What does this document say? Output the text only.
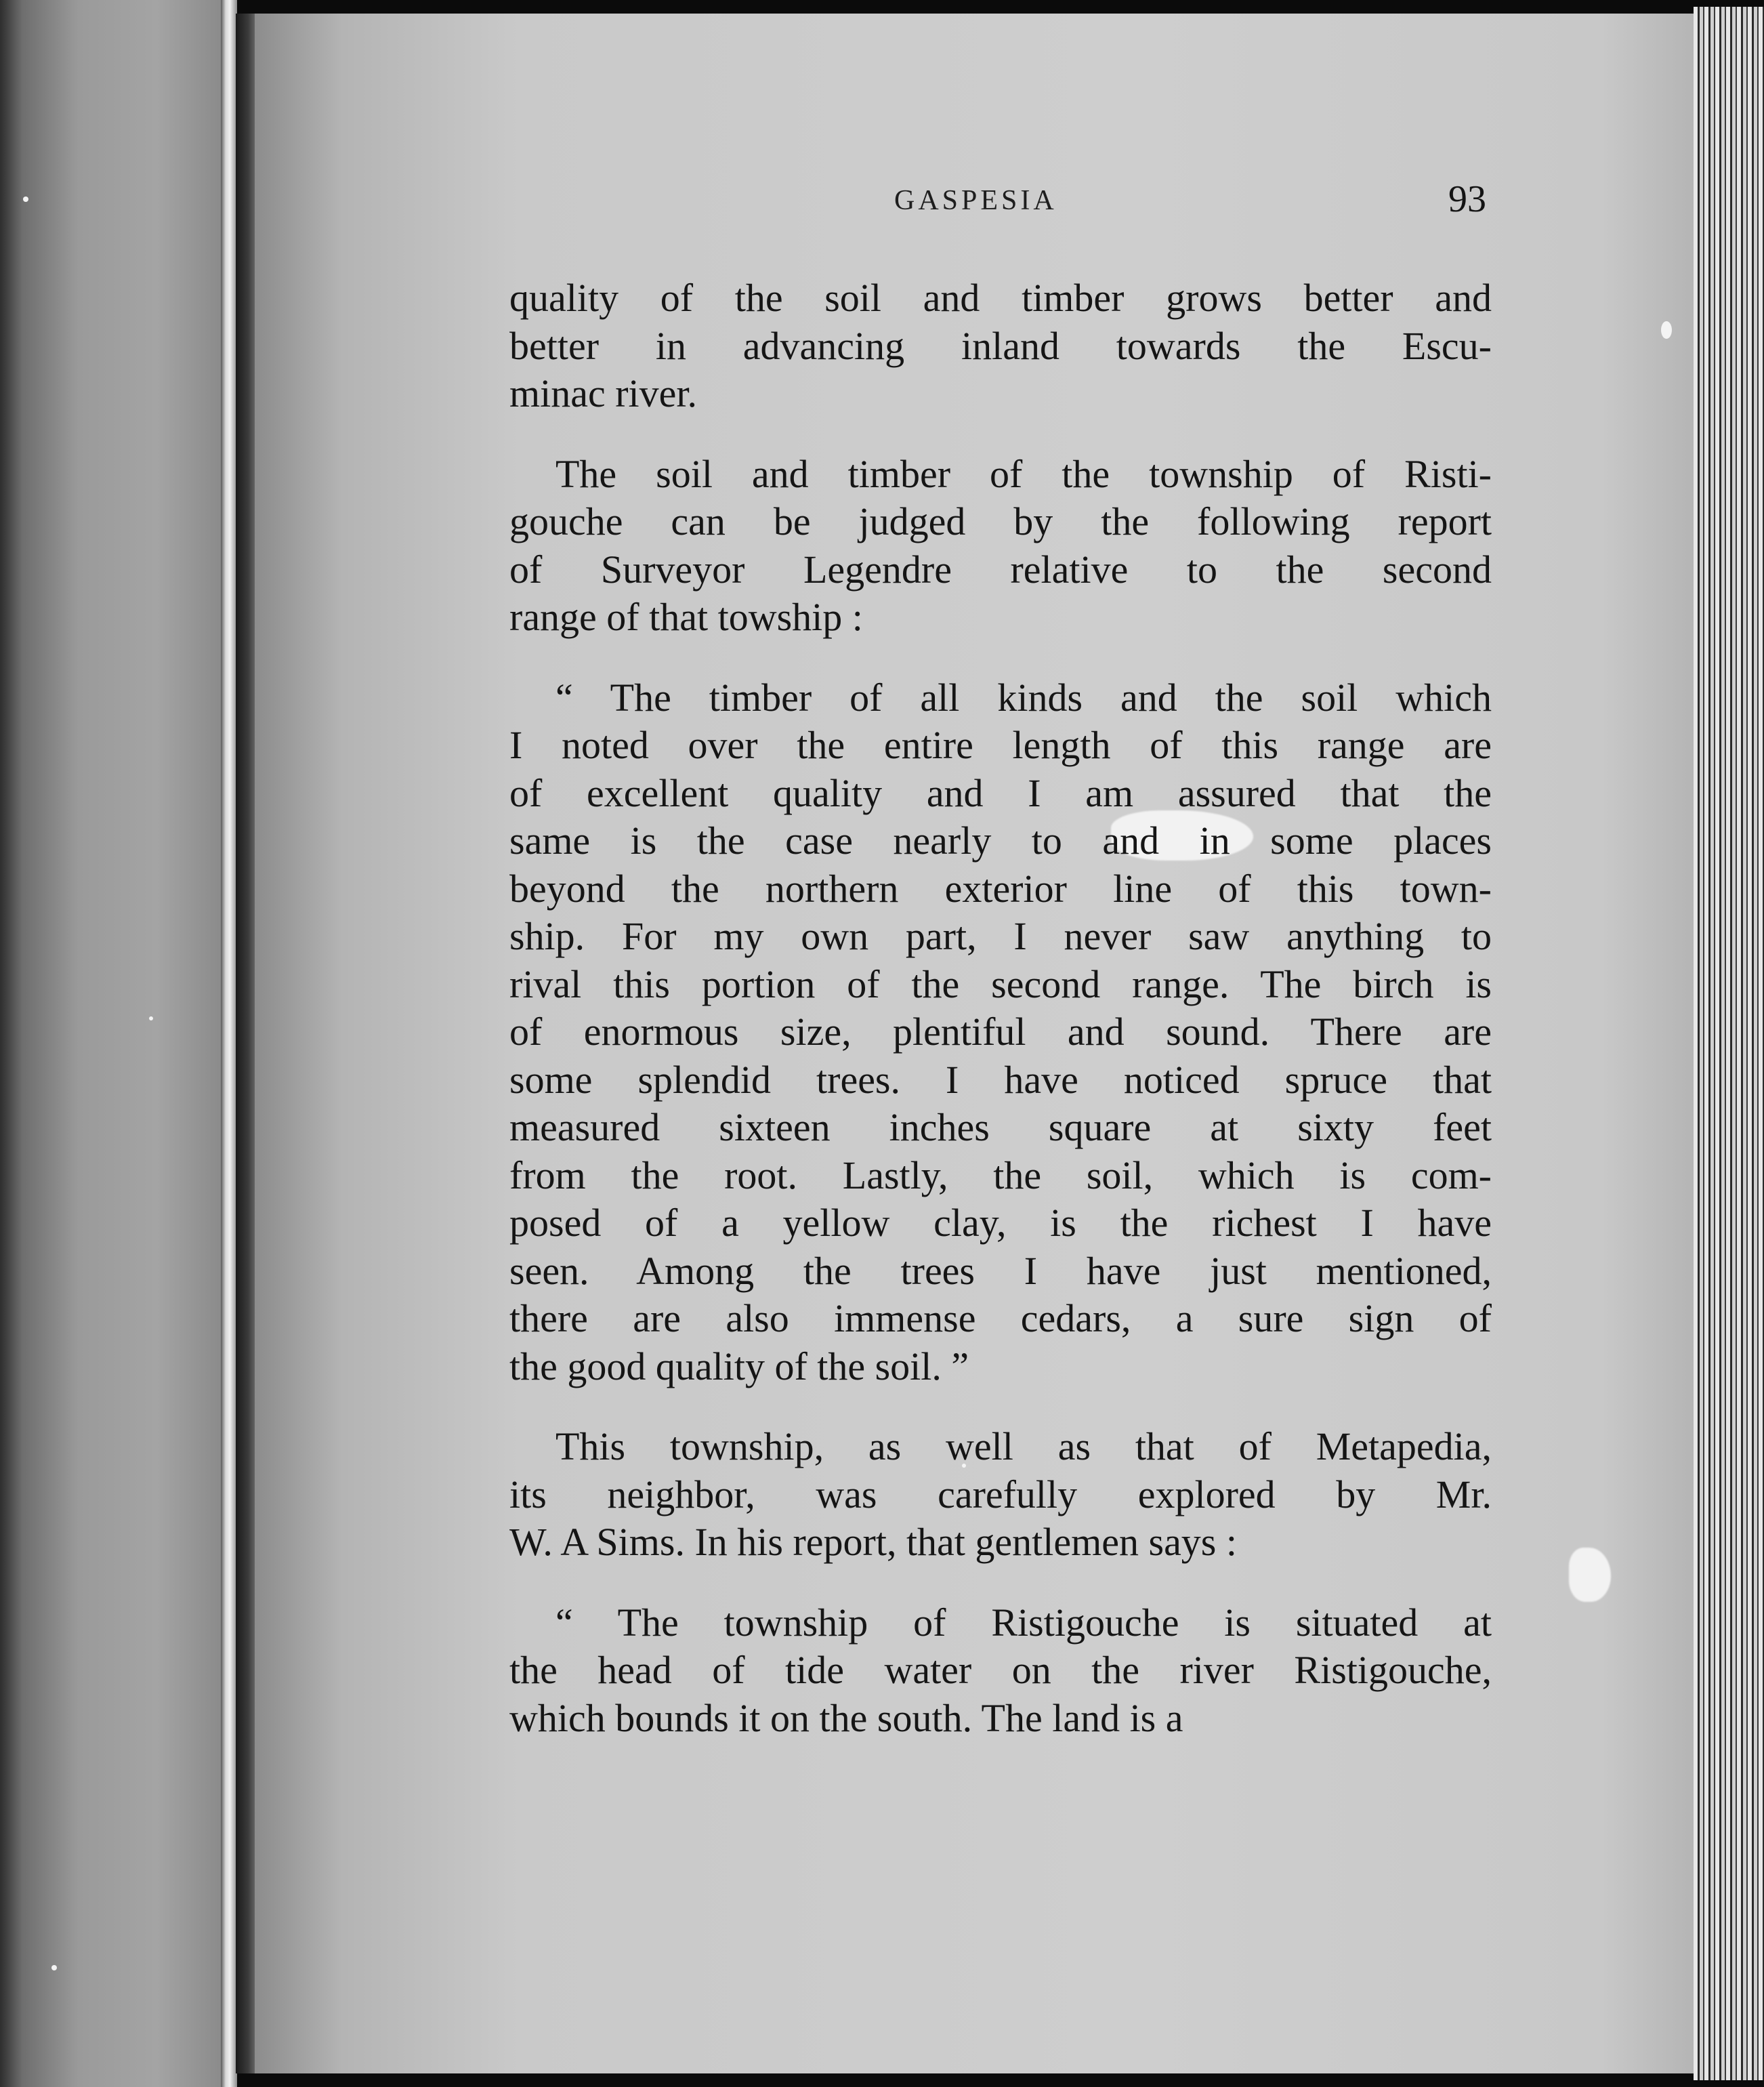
GASPESIA	93
quality of the soil and timber grows better and
better in advancing inland towards the Escu-
minac river.
The soil and timber of the township of Risti-
gouche can be judged by the following report
of Surveyor Legendre relative to the second
range of that towship :
“ The timber of all kinds and the soil which
I noted over the entire length of this range are
of excellent quality and I am assured that the
same is the case nearly to and in some places
beyond the northern exterior line of this town-
ship. For my own part, I never saw anything to
rival this portion of the second range. The birch is
of enormous size, plentiful and sound. There are
some splendid trees. I have noticed spruce that
measured sixteen inches square at sixty feet
from the root. Lastly, the soil, which is com-
posed of a yellow clay, is the richest I have
seen. Among the trees I have just mentioned,
there are also immense cedars, a sure sign of
the good quality of the soil. ”
This township, as well as that of Metapedia,
its neighbor, was carefully explored by Mr.
W. A Sims. In his report, that gentlemen says :
“ The township of Ristigouche is situated at
the head of tide water on the river Ristigouche,
which bounds it on the south. The land is a
